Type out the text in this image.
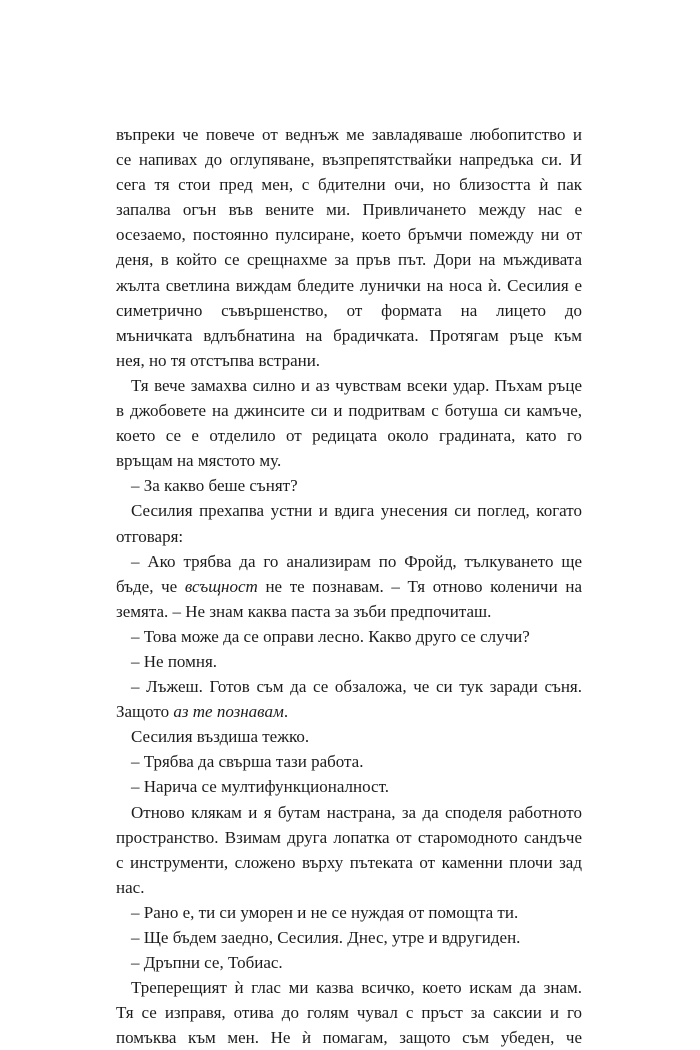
въпреки че повече от веднъж ме завладяваше любопитство и
се напивах до оглупяване, възпрепятствайки напредъка си. И
сега тя стои пред мен, с бдителни очи, но близостта ѝ пак
запалва огън във вените ми. Привличането между нас е
осезаемо, постоянно пулсиране, което бръмчи помежду ни от
деня, в който се срещнахме за пръв път. Дори на мъждивата
жълта светлина виждам бледите лунички на носа ѝ. Сесилия е
симетрично съвършенство, от формата на лицето до
мъничката вдлъбнатина на брадичката. Протягам ръце към
нея, но тя отстъпва встрани.
Тя вече замахва силно и аз чувствам всеки удар. Пъхам ръце
в джобовете на джинсите си и подритвам с ботуша си камъче,
което се е отделило от редицата около градината, като го
връщам на мястото му.
– За какво беше сънят?
Сесилия прехапва устни и вдига унесения си поглед, когато
отговаря:
– Ако трябва да го анализирам по Фройд, тълкуването ще
бъде, че всъщност не те познавам. – Тя отново коленичи на
земята. – Не знам каква паста за зъби предпочиташ.
– Това може да се оправи лесно. Какво друго се случи?
– Не помня.
– Лъжеш. Готов съм да се обзаложа, че си тук заради съня.
Защото аз те познавам.
Сесилия въздиша тежко.
– Трябва да свърша тази работа.
– Нарича се мултифункционалност.
Отново клякам и я бутам настрана, за да споделя работното
пространство. Взимам друга лопатка от старомодното сандъче
с инструменти, сложено върху пътеката от каменни плочи зад
нас.
– Рано е, ти си уморен и не се нуждая от помощта ти.
– Ще бъдем заедно, Сесилия. Днес, утре и вдругиден.
– Дръпни се, Тобиас.
Треперещият ѝ глас ми казва всичко, което искам да знам.
Тя се изправя, отива до голям чувал с пръст за саксии и го
помъква към мен. Не ѝ помагам, защото съм убеден, че
